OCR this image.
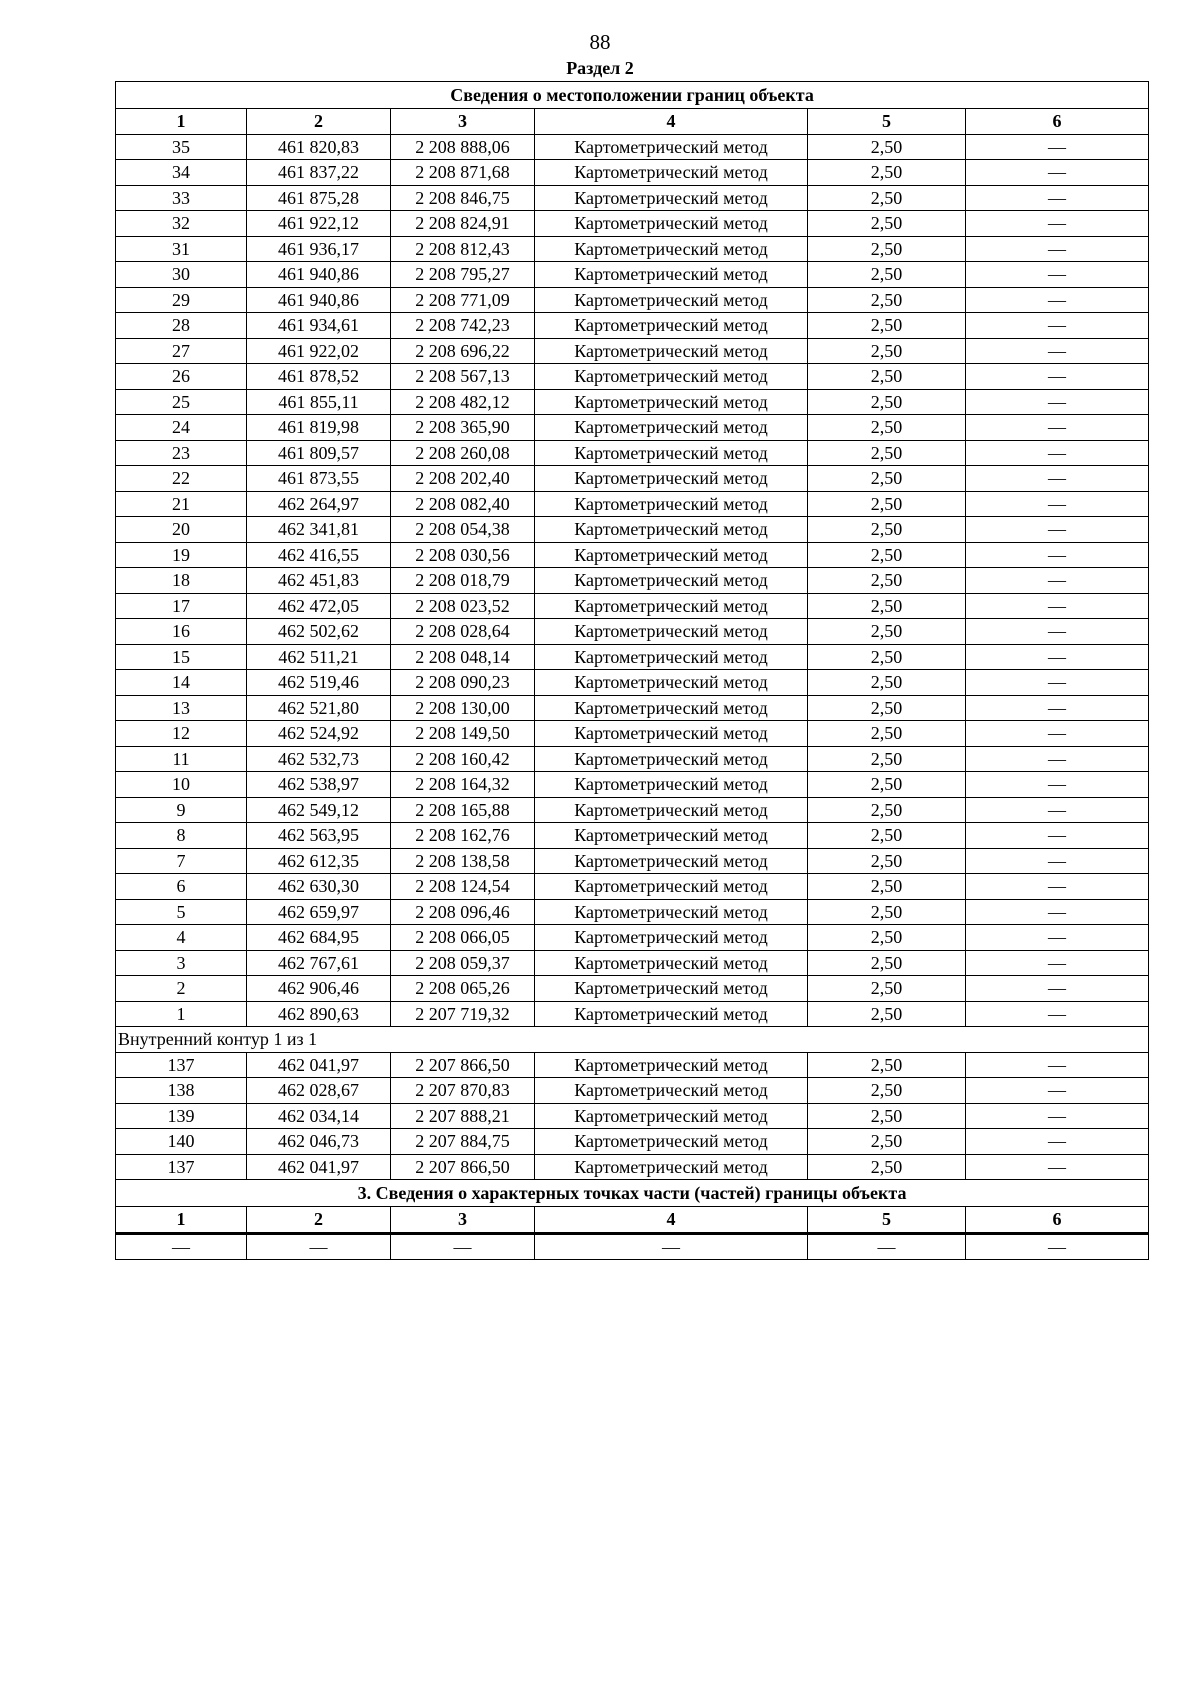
88
Раздел 2
Сведения о местоположении границ объекта					
1	2	3	4	5	6
35	461 820,83	2 208 888,06	Картометрический метод	2,50	—
34	461 837,22	2 208 871,68	Картометрический метод	2,50	—
33	461 875,28	2 208 846,75	Картометрический метод	2,50	—
32	461 922,12	2 208 824,91	Картометрический метод	2,50	—
31	461 936,17	2 208 812,43	Картометрический метод	2,50	—
30	461 940,86	2 208 795,27	Картометрический метод	2,50	—
29	461 940,86	2 208 771,09	Картометрический метод	2,50	—
28	461 934,61	2 208 742,23	Картометрический метод	2,50	—
27	461 922,02	2 208 696,22	Картометрический метод	2,50	—
26	461 878,52	2 208 567,13	Картометрический метод	2,50	—
25	461 855,11	2 208 482,12	Картометрический метод	2,50	—
24	461 819,98	2 208 365,90	Картометрический метод	2,50	—
23	461 809,57	2 208 260,08	Картометрический метод	2,50	—
22	461 873,55	2 208 202,40	Картометрический метод	2,50	—
21	462 264,97	2 208 082,40	Картометрический метод	2,50	—
20	462 341,81	2 208 054,38	Картометрический метод	2,50	—
19	462 416,55	2 208 030,56	Картометрический метод	2,50	—
18	462 451,83	2 208 018,79	Картометрический метод	2,50	—
17	462 472,05	2 208 023,52	Картометрический метод	2,50	—
16	462 502,62	2 208 028,64	Картометрический метод	2,50	—
15	462 511,21	2 208 048,14	Картометрический метод	2,50	—
14	462 519,46	2 208 090,23	Картометрический метод	2,50	—
13	462 521,80	2 208 130,00	Картометрический метод	2,50	—
12	462 524,92	2 208 149,50	Картометрический метод	2,50	—
11	462 532,73	2 208 160,42	Картометрический метод	2,50	—
10	462 538,97	2 208 164,32	Картометрический метод	2,50	—
9	462 549,12	2 208 165,88	Картометрический метод	2,50	—
8	462 563,95	2 208 162,76	Картометрический метод	2,50	—
7	462 612,35	2 208 138,58	Картометрический метод	2,50	—
6	462 630,30	2 208 124,54	Картометрический метод	2,50	—
5	462 659,97	2 208 096,46	Картометрический метод	2,50	—
4	462 684,95	2 208 066,05	Картометрический метод	2,50	—
3	462 767,61	2 208 059,37	Картометрический метод	2,50	—
2	462 906,46	2 208 065,26	Картометрический метод	2,50	—
1	462 890,63	2 207 719,32	Картометрический метод	2,50	—
Внутренний контур 1 из 1					
137	462 041,97	2 207 866,50	Картометрический метод	2,50	—
138	462 028,67	2 207 870,83	Картометрический метод	2,50	—
139	462 034,14	2 207 888,21	Картометрический метод	2,50	—
140	462 046,73	2 207 884,75	Картометрический метод	2,50	—
137	462 041,97	2 207 866,50	Картометрический метод	2,50	—
3. Сведения о характерных точках части (частей) границы объекта					
1	2	3	4	5	6
—	—	—	—	—	—
